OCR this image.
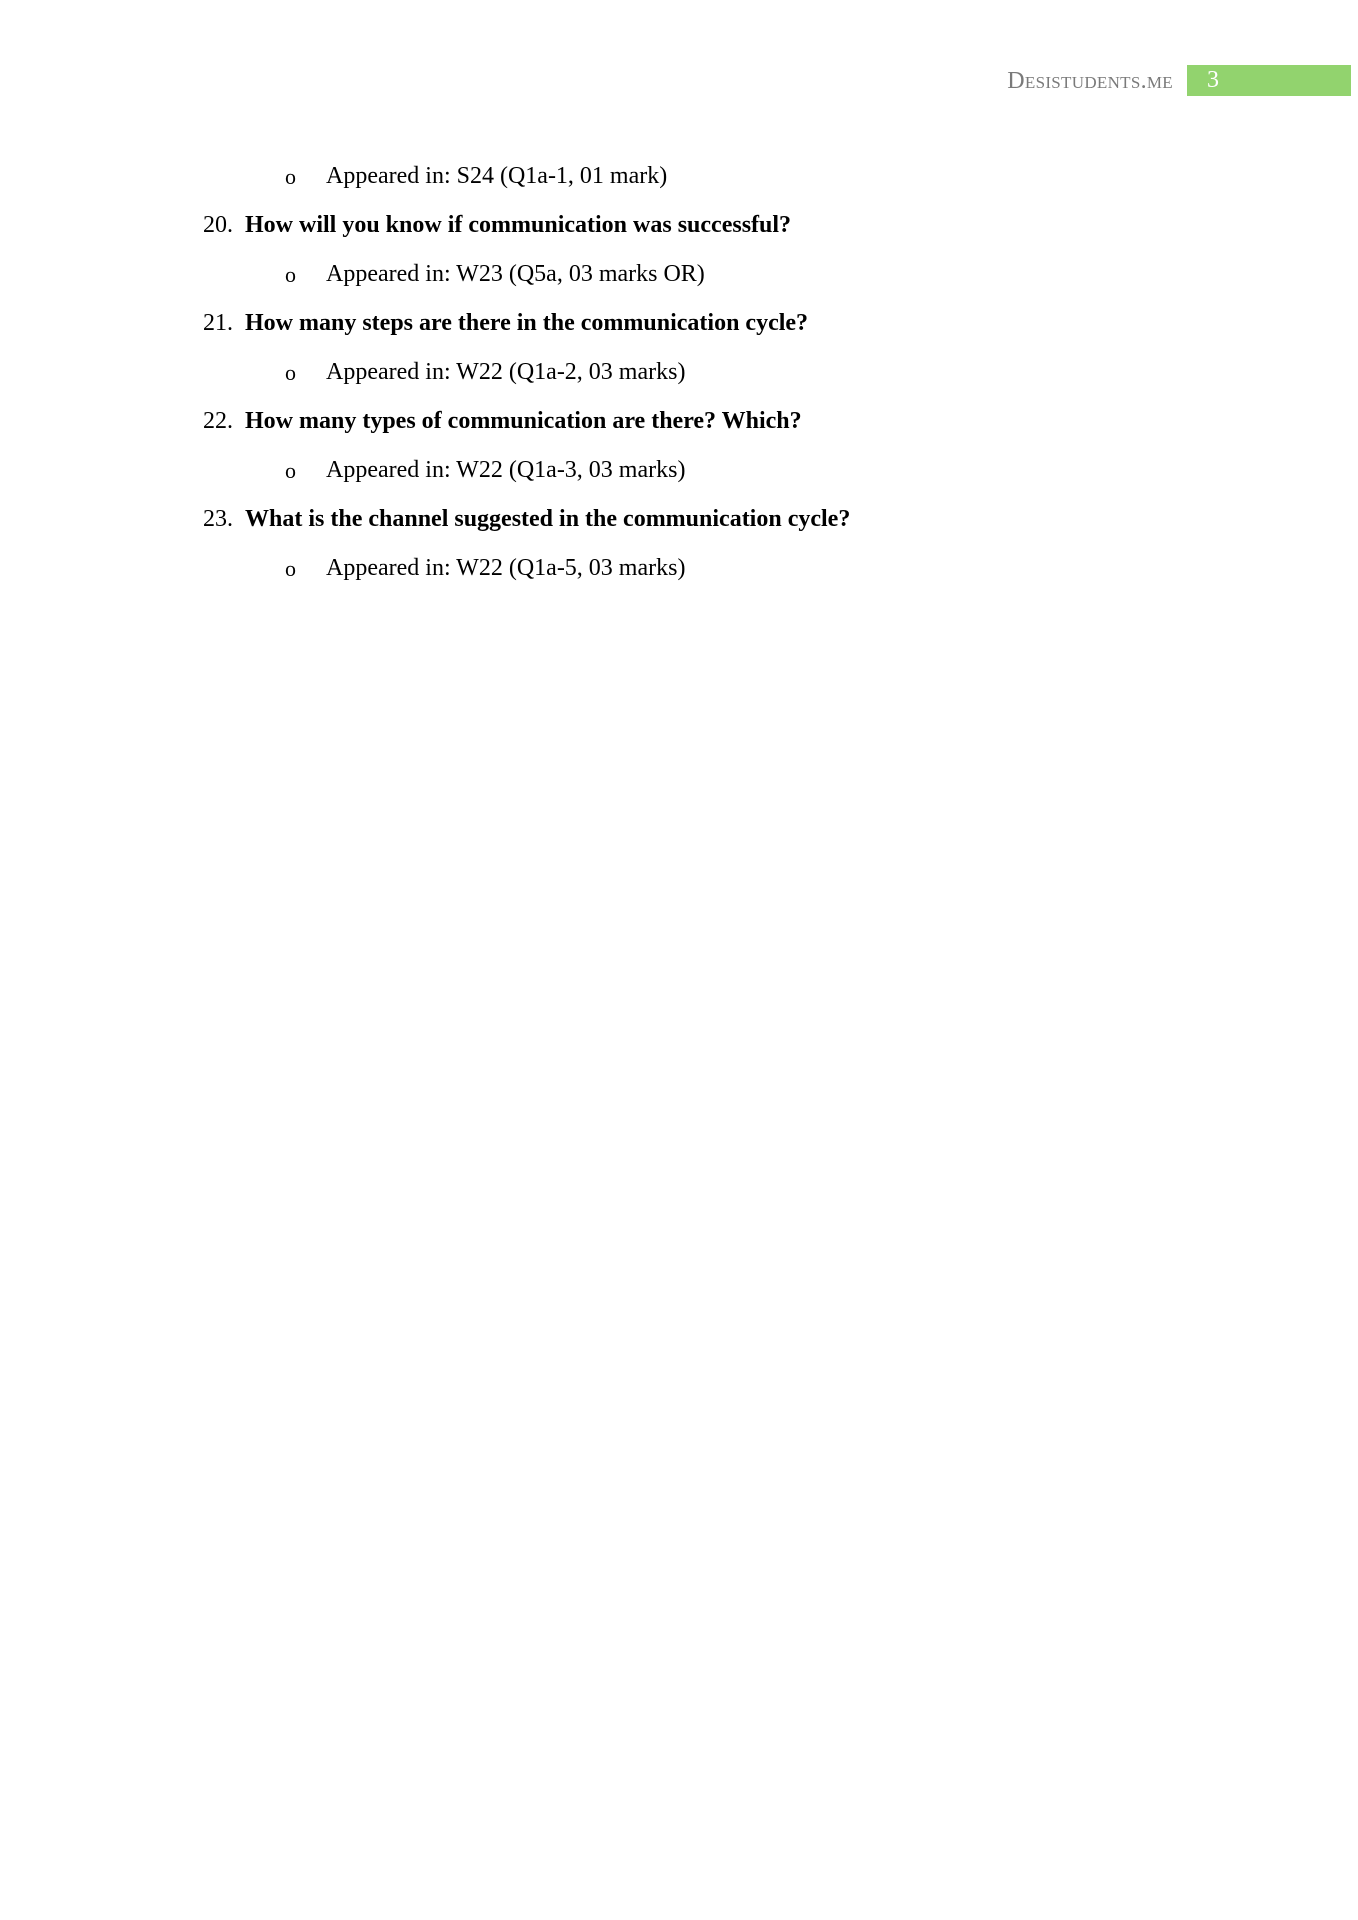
Desistudents.me 3
o Appeared in: S24 (Q1a-1, 01 mark)
20. How will you know if communication was successful?
o Appeared in: W23 (Q5a, 03 marks OR)
21. How many steps are there in the communication cycle?
o Appeared in: W22 (Q1a-2, 03 marks)
22. How many types of communication are there? Which?
o Appeared in: W22 (Q1a-3, 03 marks)
23. What is the channel suggested in the communication cycle?
o Appeared in: W22 (Q1a-5, 03 marks)
